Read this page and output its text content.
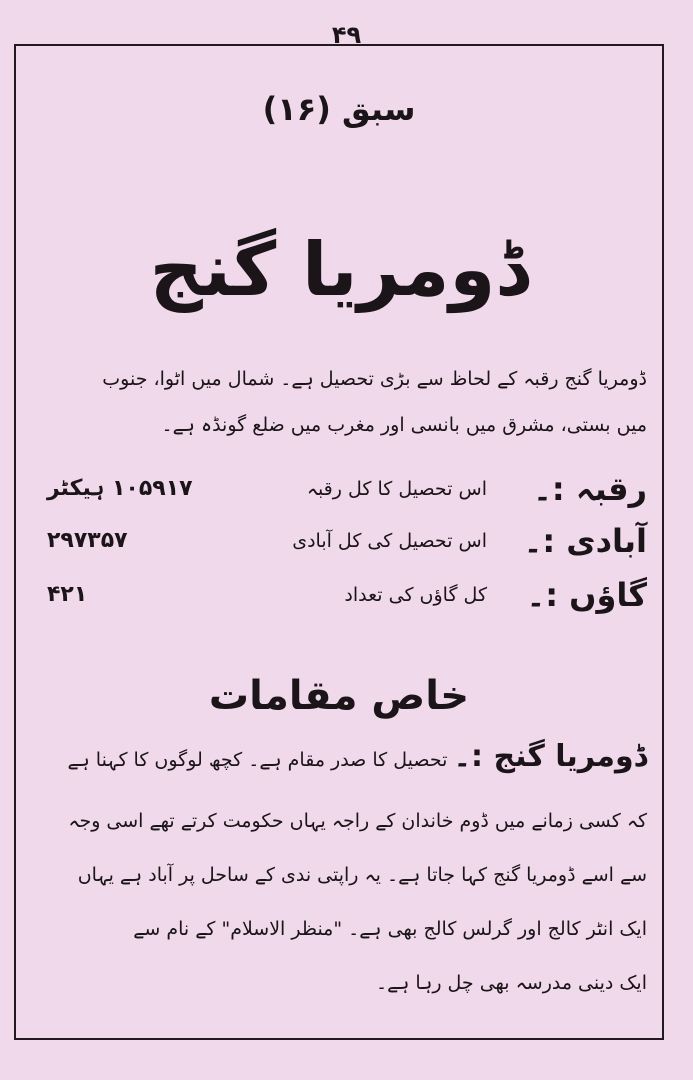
۴۹
سبق (۱۶)
ڈومریا گنج
ڈومریا گنج رقبہ کے لحاظ سے بڑی تحصیل ہے۔ شمال میں اٹوا، جنوب
میں بستی، مشرق میں بانسی اور مغرب میں ضلع گونڈہ ہے۔
رقبہ :۔
اس تحصیل کا کل رقبہ
۱۰۵۹۱۷ ہیکٹر
آبادی :۔
اس تحصیل کی کل آبادی
۲۹۷۳۵۷
گاؤں :۔
کل گاؤں کی تعداد
۴۲۱
خاص مقامات
ڈومریا گنج :۔ تحصیل کا صدر مقام ہے۔ کچھ لوگوں کا کہنا ہے
کہ کسی زمانے میں ڈوم خاندان کے راجہ یہاں حکومت کرتے تھے اسی وجہ
سے اسے ڈومریا گنج کہا جاتا ہے۔ یہ راپتی ندی کے ساحل پر آباد ہے یہاں
ایک انٹر کالج اور گرلس کالج بھی ہے۔ "منظر الاسلام" کے نام سے
ایک دینی مدرسہ بھی چل رہا ہے۔
